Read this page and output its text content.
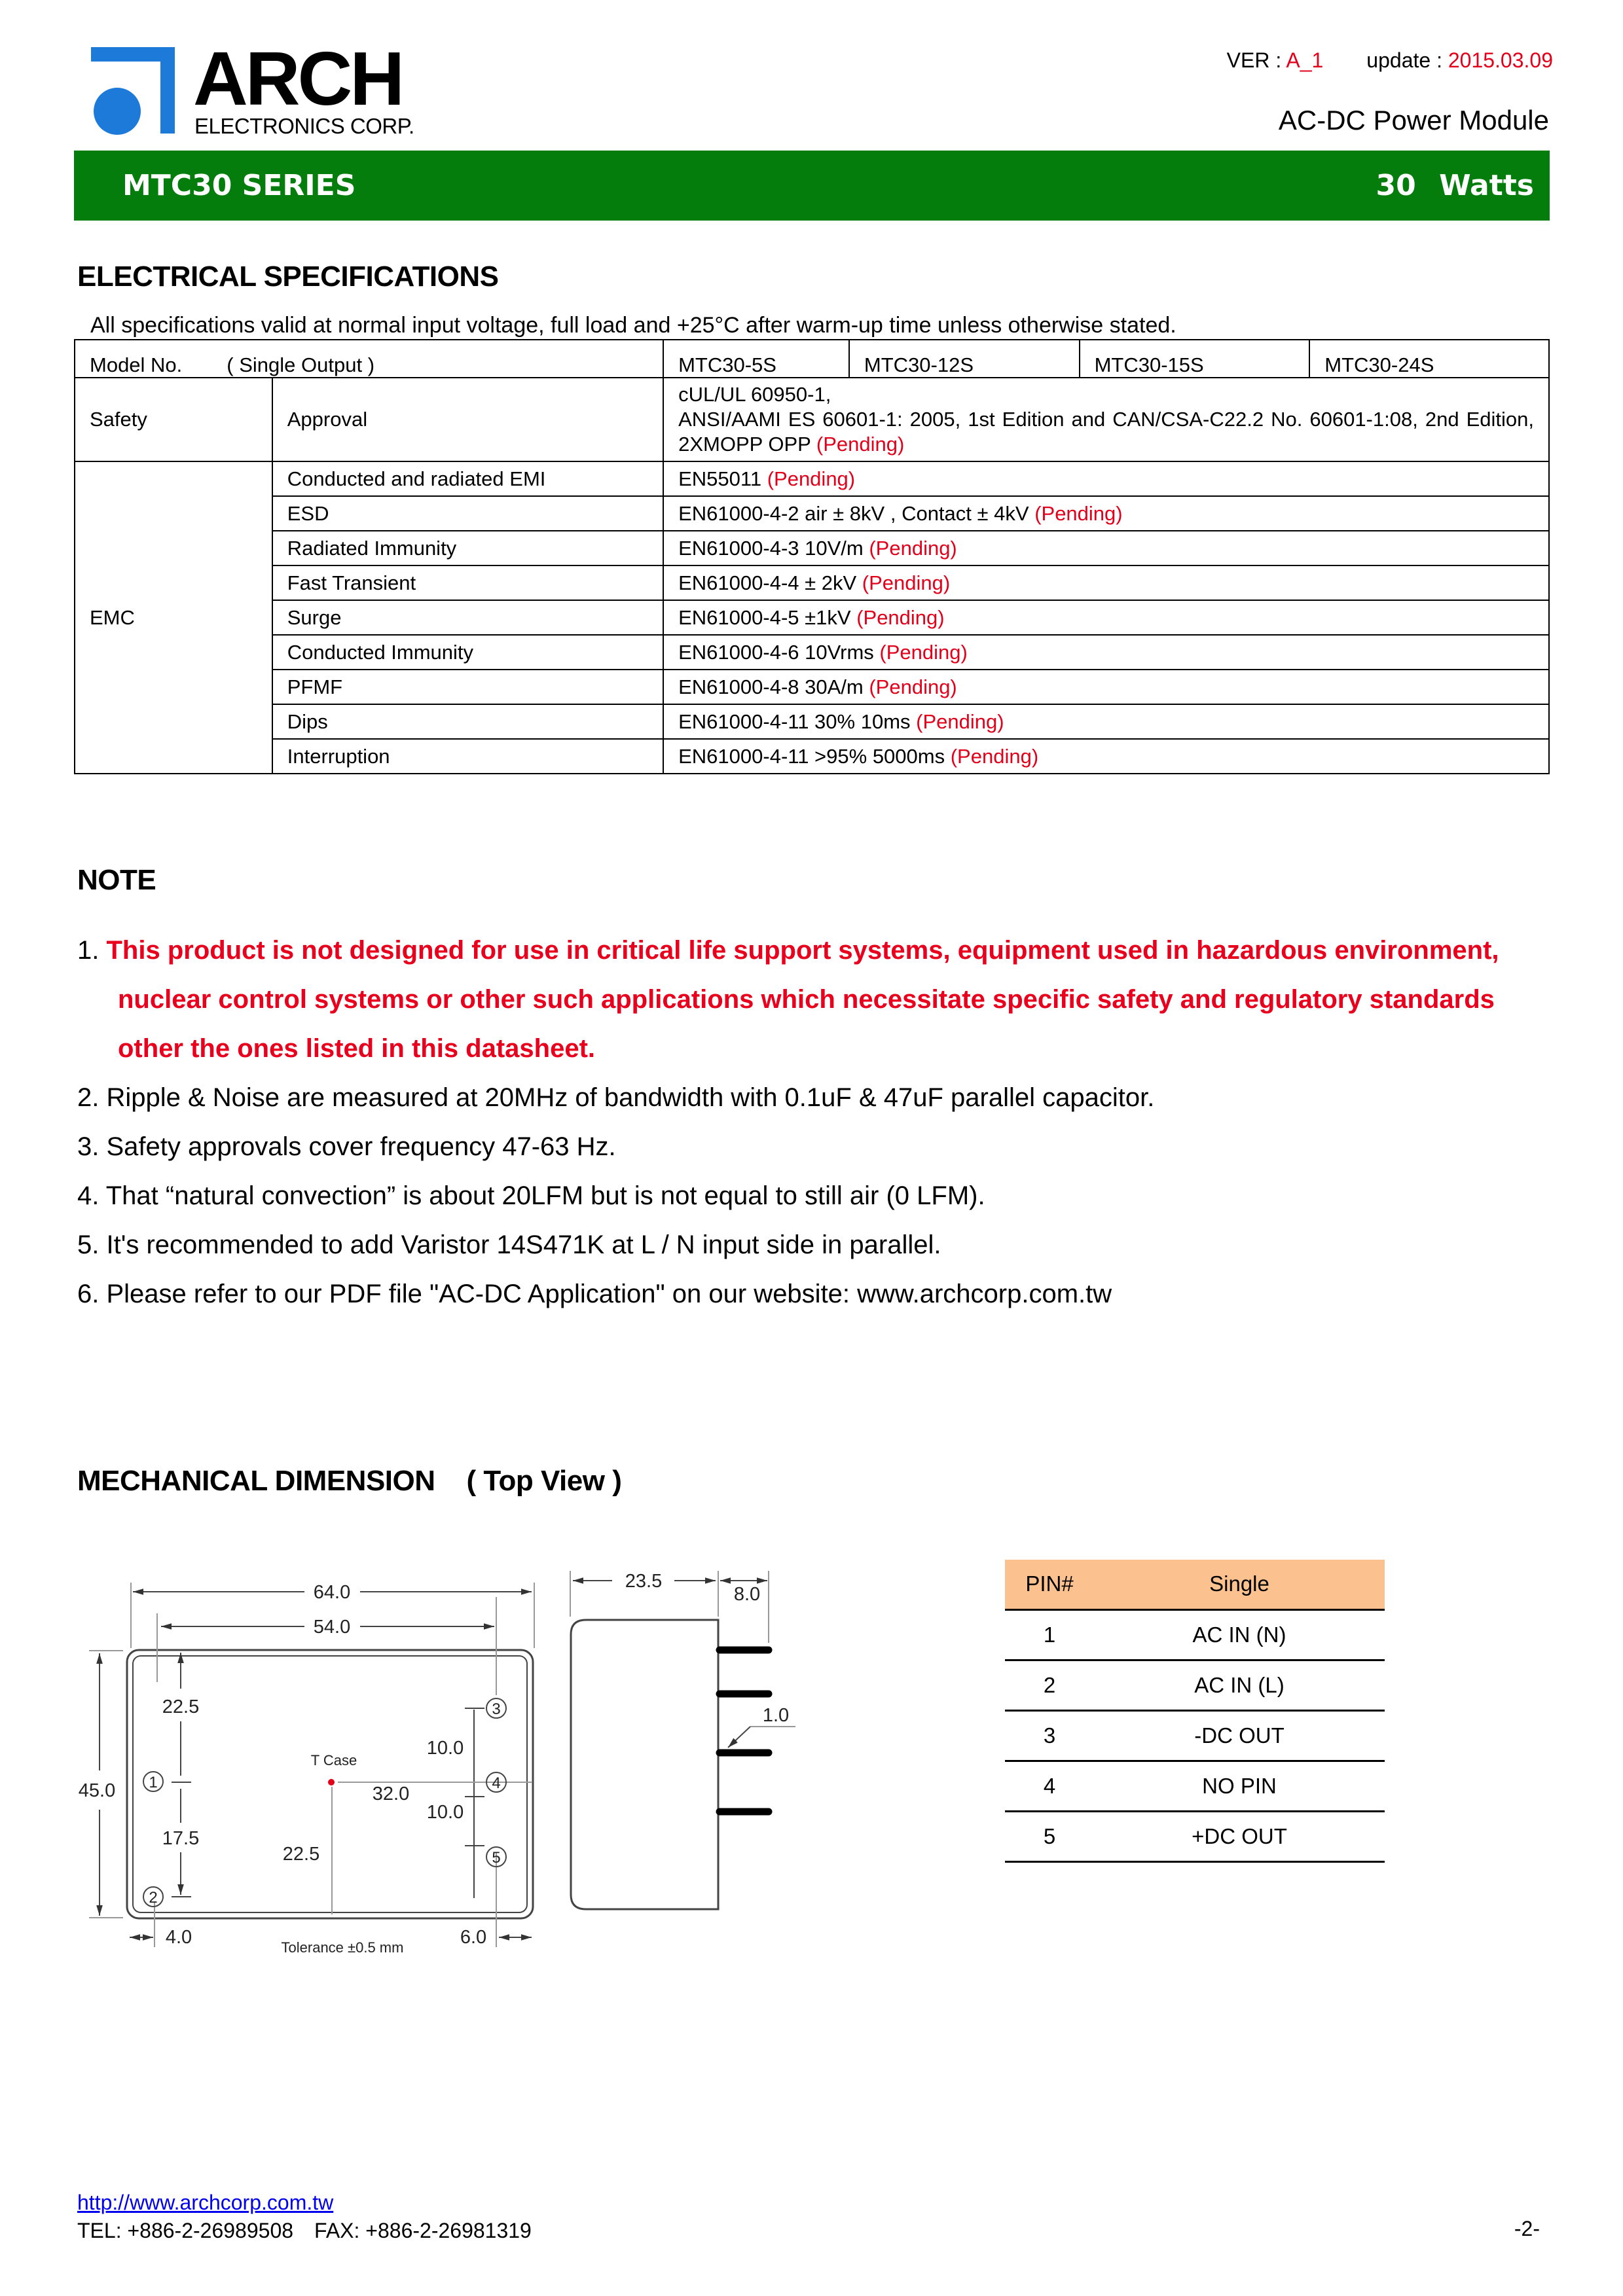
ARCH
ELECTRONICS CORP.
VER : A_1 update : 2015.03.09
AC-DC Power Module
MTC30 SERIES	30 Watts
ELECTRICAL SPECIFICATIONS
All specifications valid at normal input voltage, full load and +25°C after warm-up time unless otherwise stated.
Model No. ( Single Output )		MTC30-5S	MTC30-12S	MTC30-15S	MTC30-24S
Safety	Approval	cUL/UL 60950-1,
ANSI/AAMI ES 60601-1: 2005, 1st Edition and CAN/CSA-C22.2 No. 60601-1:08, 2nd Edition, 2XMOPP OPP (Pending)			

EMC	Conducted and radiated EMI	EN55011 (Pending)			
	ESD	EN61000-4-2 air ± 8kV , Contact ± 4kV (Pending)			
	Radiated Immunity	EN61000-4-3 10V/m (Pending)			
	Fast Transient	EN61000-4-4 ± 2kV (Pending)			
	Surge	EN61000-4-5 ±1kV (Pending)			
	Conducted Immunity	EN61000-4-6 10Vrms (Pending)			
	PFMF	EN61000-4-8 30A/m (Pending)			
	Dips	EN61000-4-11 30% 10ms (Pending)			
	Interruption	EN61000-4-11 >95% 5000ms (Pending)			
NOTE
1. This product is not designed for use in critical life support systems, equipment used in hazardous environment,
nuclear control systems or other such applications which necessitate specific safety and regulatory standards
other the ones listed in this datasheet.
2. Ripple & Noise are measured at 20MHz of bandwidth with 0.1uF & 47uF parallel capacitor.
3. Safety approvals cover frequency 47-63 Hz.
4. That “natural convection” is about 20LFM but is not equal to still air (0 LFM).
5. It's recommended to add Varistor 14S471K at L / N input side in parallel.
6. Please refer to our PDF file "AC-DC Application" on our website: www.archcorp.com.tw
MECHANICAL DIMENSION ( Top View )
64.0
54.0
45.0
22.5
17.5
10.0
10.0
32.0
22.5
4.0	6.0
T Case
Tolerance ±0.5 mm
1
2
3
4
5
23.5
8.0
1.0
PIN#	Single
1	AC IN (N)
2	AC IN (L)
3	-DC OUT
4	NO PIN
5	+DC OUT
http://www.archcorp.com.tw
TEL: +886-2-26989508 FAX: +886-2-26981319	-2-
